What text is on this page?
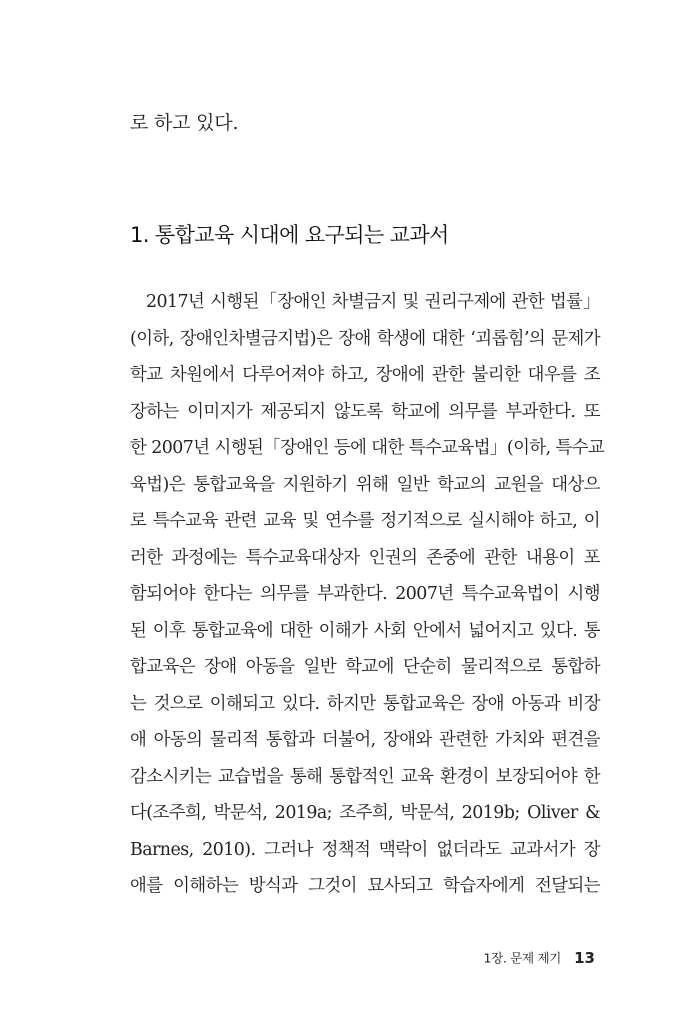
로 하고 있다.
1. 통합교육 시대에 요구되는 교과서
2017년 시행된「장애인 차별금지 및 권리구제에 관한 법률」
(이하, 장애인차별금지법)은 장애 학생에 대한 ‘괴롭힘’의 문제가
학교 차원에서 다루어져야 하고, 장애에 관한 불리한 대우를 조
장하는 이미지가 제공되지 않도록 학교에 의무를 부과한다. 또
한 2007년 시행된「장애인 등에 대한 특수교육법」(이하, 특수교
육법)은 통합교육을 지원하기 위해 일반 학교의 교원을 대상으
로 특수교육 관련 교육 및 연수를 정기적으로 실시해야 하고, 이
러한 과정에는 특수교육대상자 인권의 존중에 관한 내용이 포
함되어야 한다는 의무를 부과한다. 2007년 특수교육법이 시행
된 이후 통합교육에 대한 이해가 사회 안에서 넓어지고 있다. 통
합교육은 장애 아동을 일반 학교에 단순히 물리적으로 통합하
는 것으로 이해되고 있다. 하지만 통합교육은 장애 아동과 비장
애 아동의 물리적 통합과 더불어, 장애와 관련한 가치와 편견을
감소시키는 교습법을 통해 통합적인 교육 환경이 보장되어야 한
다(조주희, 박문석, 2019a; 조주희, 박문석, 2019b; Oliver &
Barnes, 2010). 그러나 정책적 맥락이 없더라도 교과서가 장
애를 이해하는 방식과 그것이 묘사되고 학습자에게 전달되는
1장. 문제 제기 13
